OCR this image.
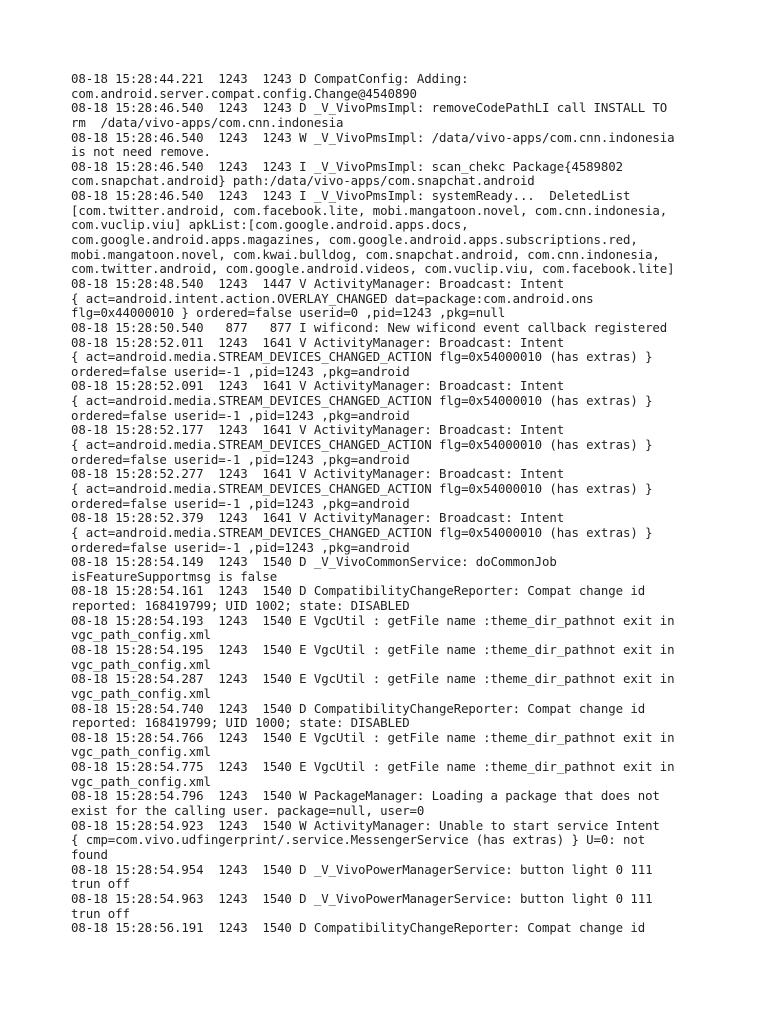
08-18 15:28:44.221  1243  1243 D CompatConfig: Adding:
com.android.server.compat.config.Change@4540890
08-18 15:28:46.540  1243  1243 D _V_VivoPmsImpl: removeCodePathLI call INSTALL TO
rm  /data/vivo-apps/com.cnn.indonesia
08-18 15:28:46.540  1243  1243 W _V_VivoPmsImpl: /data/vivo-apps/com.cnn.indonesia
is not need remove.
08-18 15:28:46.540  1243  1243 I _V_VivoPmsImpl: scan_chekc Package{4589802
com.snapchat.android} path:/data/vivo-apps/com.snapchat.android
08-18 15:28:46.540  1243  1243 I _V_VivoPmsImpl: systemReady...  DeletedList
[com.twitter.android, com.facebook.lite, mobi.mangatoon.novel, com.cnn.indonesia,
com.vuclip.viu] apkList:[com.google.android.apps.docs,
com.google.android.apps.magazines, com.google.android.apps.subscriptions.red,
mobi.mangatoon.novel, com.kwai.bulldog, com.snapchat.android, com.cnn.indonesia,
com.twitter.android, com.google.android.videos, com.vuclip.viu, com.facebook.lite]
08-18 15:28:48.540  1243  1447 V ActivityManager: Broadcast: Intent
{ act=android.intent.action.OVERLAY_CHANGED dat=package:com.android.ons
flg=0x44000010 } ordered=false userid=0 ,pid=1243 ,pkg=null
08-18 15:28:50.540   877   877 I wificond: New wificond event callback registered
08-18 15:28:52.011  1243  1641 V ActivityManager: Broadcast: Intent
{ act=android.media.STREAM_DEVICES_CHANGED_ACTION flg=0x54000010 (has extras) }
ordered=false userid=-1 ,pid=1243 ,pkg=android
08-18 15:28:52.091  1243  1641 V ActivityManager: Broadcast: Intent
{ act=android.media.STREAM_DEVICES_CHANGED_ACTION flg=0x54000010 (has extras) }
ordered=false userid=-1 ,pid=1243 ,pkg=android
08-18 15:28:52.177  1243  1641 V ActivityManager: Broadcast: Intent
{ act=android.media.STREAM_DEVICES_CHANGED_ACTION flg=0x54000010 (has extras) }
ordered=false userid=-1 ,pid=1243 ,pkg=android
08-18 15:28:52.277  1243  1641 V ActivityManager: Broadcast: Intent
{ act=android.media.STREAM_DEVICES_CHANGED_ACTION flg=0x54000010 (has extras) }
ordered=false userid=-1 ,pid=1243 ,pkg=android
08-18 15:28:52.379  1243  1641 V ActivityManager: Broadcast: Intent
{ act=android.media.STREAM_DEVICES_CHANGED_ACTION flg=0x54000010 (has extras) }
ordered=false userid=-1 ,pid=1243 ,pkg=android
08-18 15:28:54.149  1243  1540 D _V_VivoCommonService: doCommonJob
isFeatureSupportmsg is false
08-18 15:28:54.161  1243  1540 D CompatibilityChangeReporter: Compat change id
reported: 168419799; UID 1002; state: DISABLED
08-18 15:28:54.193  1243  1540 E VgcUtil : getFile name :theme_dir_pathnot exit in
vgc_path_config.xml
08-18 15:28:54.195  1243  1540 E VgcUtil : getFile name :theme_dir_pathnot exit in
vgc_path_config.xml
08-18 15:28:54.287  1243  1540 E VgcUtil : getFile name :theme_dir_pathnot exit in
vgc_path_config.xml
08-18 15:28:54.740  1243  1540 D CompatibilityChangeReporter: Compat change id
reported: 168419799; UID 1000; state: DISABLED
08-18 15:28:54.766  1243  1540 E VgcUtil : getFile name :theme_dir_pathnot exit in
vgc_path_config.xml
08-18 15:28:54.775  1243  1540 E VgcUtil : getFile name :theme_dir_pathnot exit in
vgc_path_config.xml
08-18 15:28:54.796  1243  1540 W PackageManager: Loading a package that does not
exist for the calling user. package=null, user=0
08-18 15:28:54.923  1243  1540 W ActivityManager: Unable to start service Intent
{ cmp=com.vivo.udfingerprint/.service.MessengerService (has extras) } U=0: not
found
08-18 15:28:54.954  1243  1540 D _V_VivoPowerManagerService: button light 0 111
trun off
08-18 15:28:54.963  1243  1540 D _V_VivoPowerManagerService: button light 0 111
trun off
08-18 15:28:56.191  1243  1540 D CompatibilityChangeReporter: Compat change id
